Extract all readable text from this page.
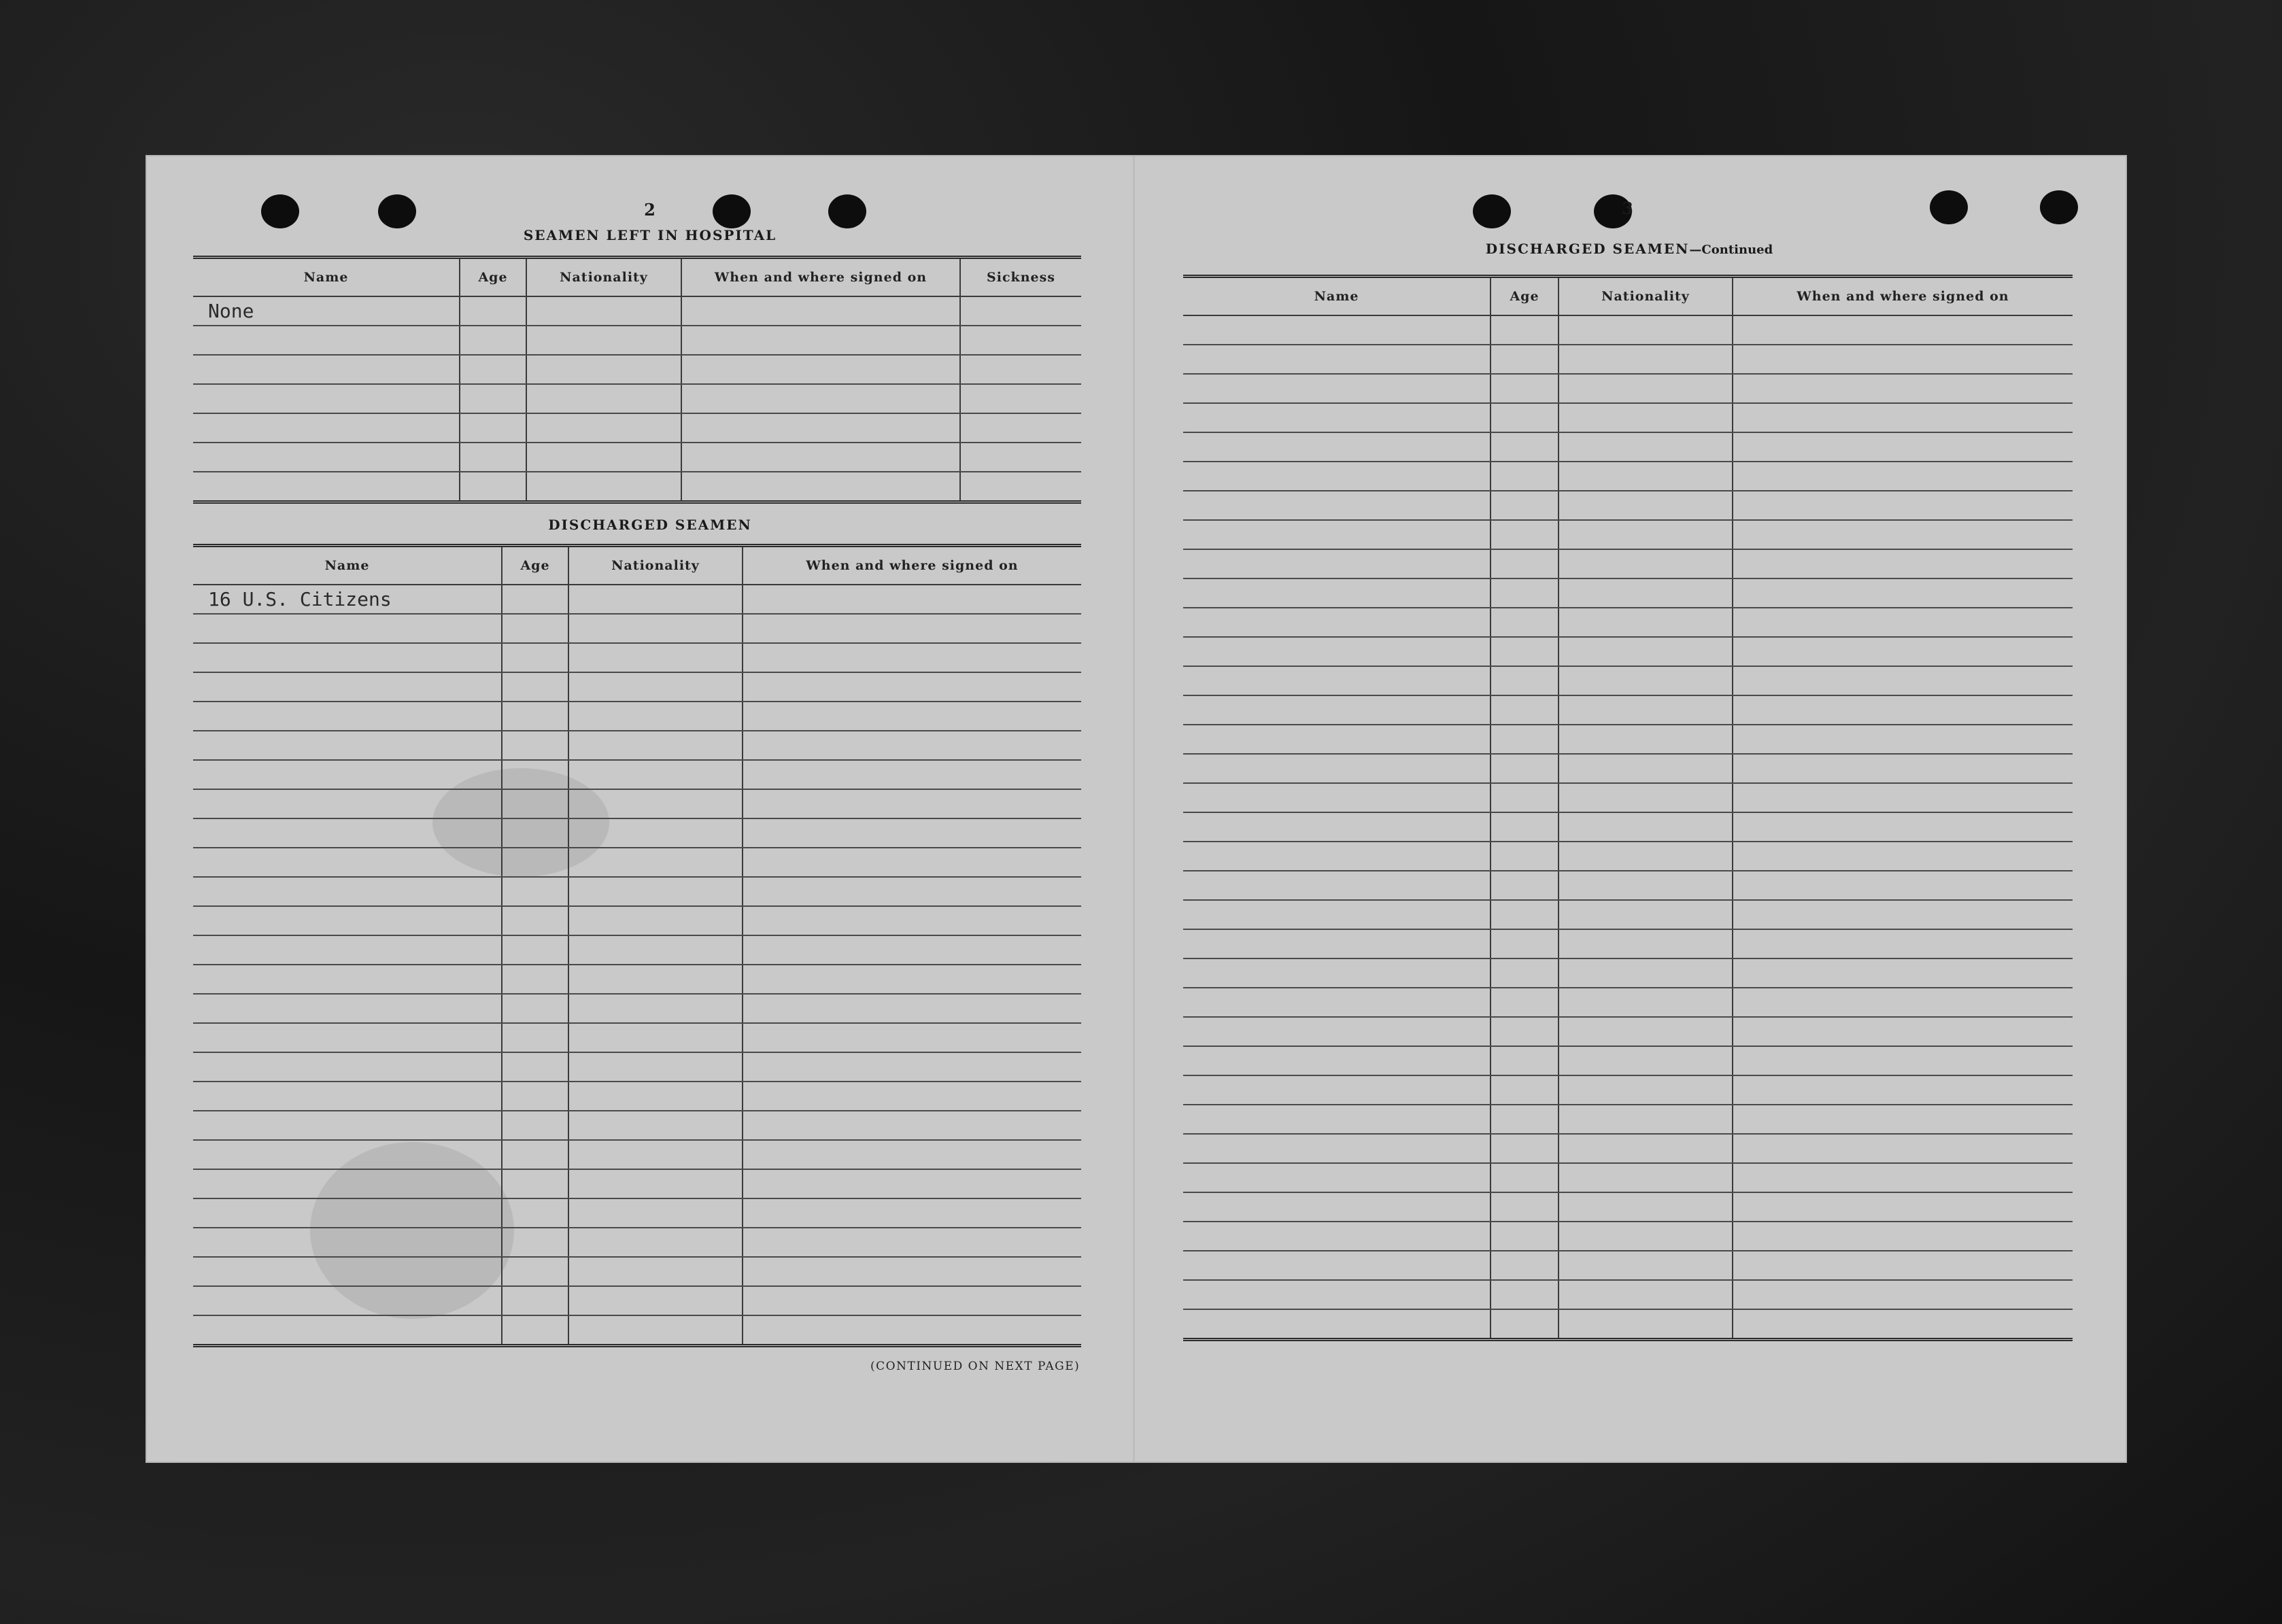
2
SEAMEN LEFT IN HOSPITAL
Name	Age	Nationality	When and where signed on	Sickness
None				

DISCHARGED SEAMEN
Name	Age	Nationality	When and where signed on
16 U.S. Citizens			

(CONTINUED ON NEXT PAGE)
3
DISCHARGED SEAMEN—Continued
Name	Age	Nationality	When and where signed on
